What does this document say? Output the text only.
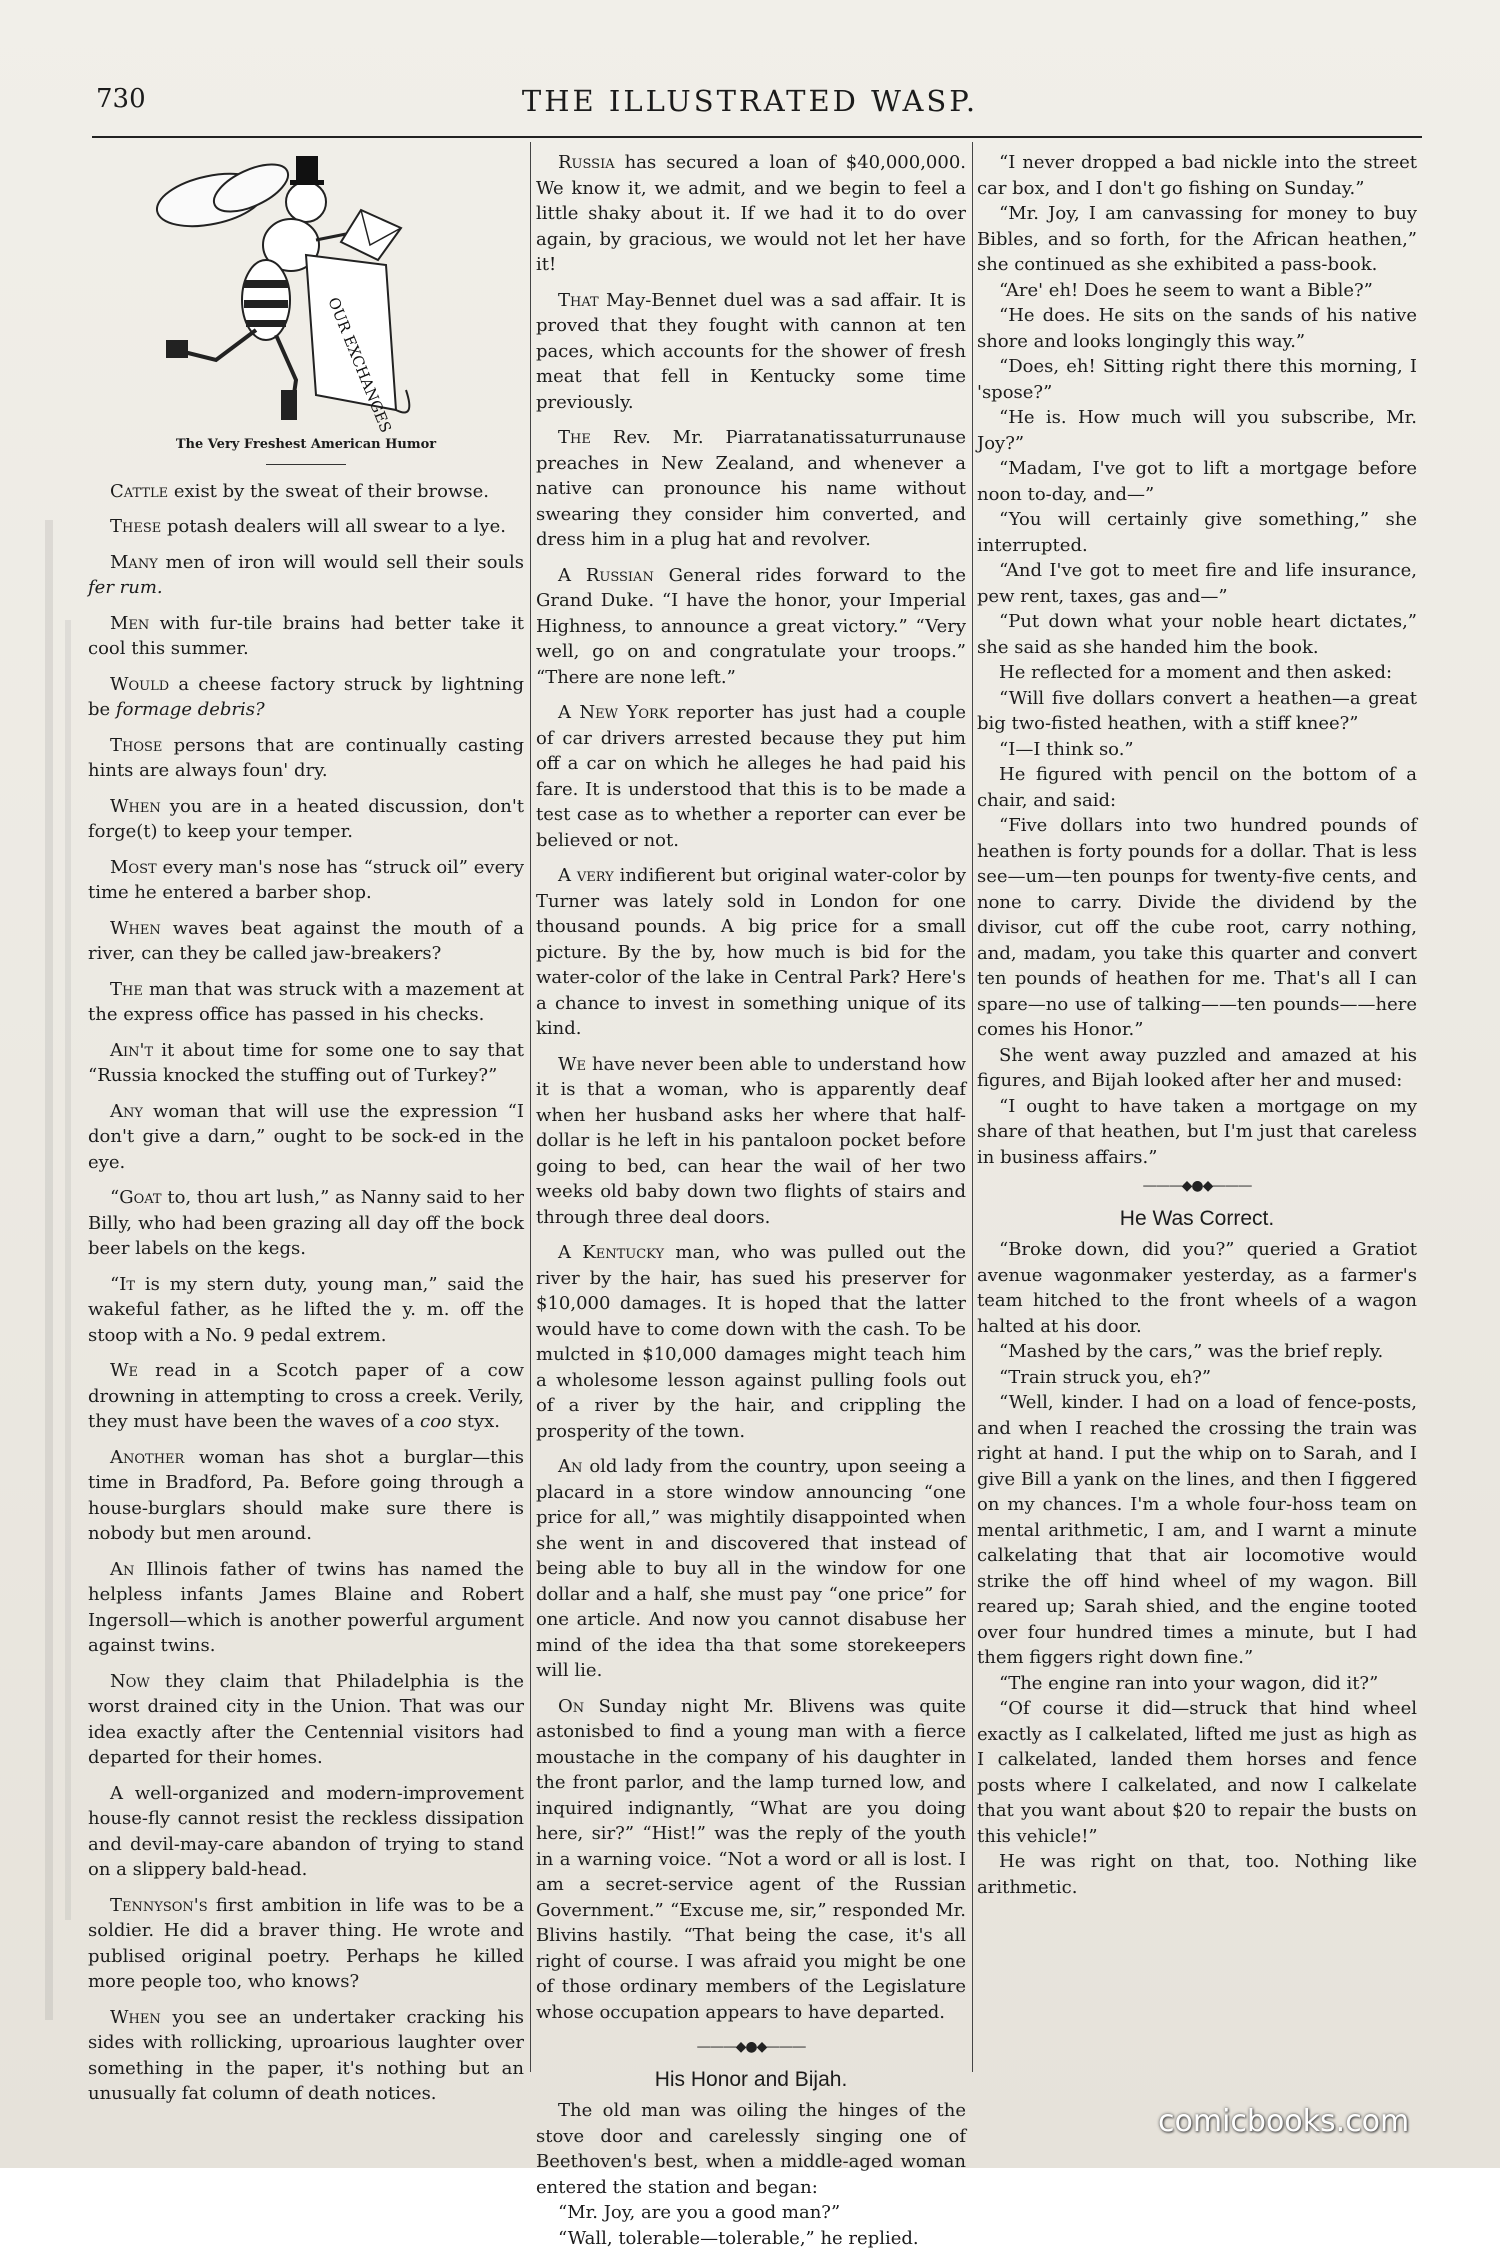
730	THE ILLUSTRATED WASP.
OUR EXCHANGES
The Very Freshest American Humor

Cattle exist by the sweat of their browse.

These potash dealers will all swear to a lye.

Many men of iron will would sell their souls fer rum.

Men with fur-tile brains had better take it cool this summer.

Would a cheese factory struck by lightning be formage debris?

Those persons that are continually casting hints are always foun' dry.

When you are in a heated discussion, don't forge(t) to keep your temper.

Most every man's nose has “struck oil” every time he entered a barber shop.

When waves beat against the mouth of a river, can they be called jaw-breakers?

The man that was struck with a mazement at the express office has passed in his checks.

Ain't it about time for some one to say that “Russia knocked the stuffing out of Turkey?”

Any woman that will use the expression “I don't give a darn,” ought to be sock-ed in the eye.

“Goat to, thou art lush,” as Nanny said to her Billy, who had been grazing all day off the bock beer labels on the kegs.

“It is my stern duty, young man,” said the wakeful father, as he lifted the y. m. off the stoop with a No. 9 pedal extrem.

We read in a Scotch paper of a cow drowning in attempting to cross a creek. Verily, they must have been the waves of a coo styx.

Another woman has shot a burglar—this time in Bradford, Pa. Before going through a house-burglars should make sure there is nobody but men around.

An Illinois father of twins has named the helpless infants James Blaine and Robert Ingersoll—which is another powerful argument against twins.

Now they claim that Philadelphia is the worst drained city in the Union. That was our idea exactly after the Centennial visitors had departed for their homes.

A well-organized and modern-improvement house-fly cannot resist the reckless dissipation and devil-may-care abandon of trying to stand on a slippery bald-head.

Tennyson's first ambition in life was to be a soldier. He did a braver thing. He wrote and publised original poetry. Perhaps he killed more people too, who knows?

When you see an undertaker cracking his sides with rollicking, uproarious laughter over something in the paper, it's nothing but an unusually fat column of death notices.

Russia has secured a loan of $40,000,000. We know it, we admit, and we begin to feel a little shaky about it. If we had it to do over again, by gracious, we would not let her have it!

That May-Bennet duel was a sad affair. It is proved that they fought with cannon at ten paces, which accounts for the shower of fresh meat that fell in Kentucky some time previously.

The Rev. Mr. Piarratanatissaturrunause preaches in New Zealand, and whenever a native can pronounce his name without swearing they consider him converted, and dress him in a plug hat and revolver.

A Russian General rides forward to the Grand Duke. “I have the honor, your Imperial Highness, to announce a great victory.” “Very well, go on and congratulate your troops.” “There are none left.”

A New York reporter has just had a couple of car drivers arrested because they put him off a car on which he alleges he had paid his fare. It is understood that this is to be made a test case as to whether a reporter can ever be believed or not.

A very indifierent but original water-color by Turner was lately sold in London for one thousand pounds. A big price for a small picture. By the by, how much is bid for the water-color of the lake in Central Park? Here's a chance to invest in something unique of its kind.

We have never been able to understand how it is that a woman, who is apparently deaf when her husband asks her where that half-dollar is he left in his pantaloon pocket before going to bed, can hear the wail of her two weeks old baby down two flights of stairs and through three deal doors.

A Kentucky man, who was pulled out the river by the hair, has sued his preserver for $10,000 damages. It is hoped that the latter would have to come down with the cash. To be mulcted in $10,000 damages might teach him a wholesome lesson against pulling fools out of a river by the hair, and crippling the prosperity of the town.

An old lady from the country, upon seeing a placard in a store window announcing “one price for all,” was mightily disappointed when she went in and discovered that instead of being able to buy all in the window for one dollar and a half, she must pay “one price” for one article. And now you cannot disabuse her mind of the idea tha that some storekeepers will lie.

On Sunday night Mr. Blivens was quite astonisbed to find a young man with a fierce moustache in the company of his daughter in the front parlor, and the lamp turned low, and inquired indignantly, “What are you doing here, sir?” “Hist!” was the reply of the youth in a warning voice. “Not a word or all is lost. I am a secret-service agent of the Russian Government.” “Excuse me, sir,” responded Mr. Blivins hastily. “That being the case, it's all right of course. I was afraid you might be one of those ordinary members of the Legislature whose occupation appears to have departed.

———◆●◆———
His Honor and Bijah.

The old man was oiling the hinges of the stove door and carelessly singing one of Beethoven's best, when a middle-aged woman entered the station and began:

“Mr. Joy, are you a good man?”

“Wall, tolerable—tolerable,” he replied.

“I never dropped a bad nickle into the street car box, and I don't go fishing on Sunday.”

“Mr. Joy, I am canvassing for money to buy Bibles, and so forth, for the African heathen,” she continued as she exhibited a pass-book.

“Are' eh! Does he seem to want a Bible?”

“He does. He sits on the sands of his native shore and looks longingly this way.”

“Does, eh! Sitting right there this morning, I 'spose?”

“He is. How much will you subscribe, Mr. Joy?”

“Madam, I've got to lift a mortgage before noon to-day, and—”

“You will certainly give something,” she interrupted.

“And I've got to meet fire and life insurance, pew rent, taxes, gas and—”

“Put down what your noble heart dictates,” she said as she handed him the book.

He reflected for a moment and then asked:

“Will five dollars convert a heathen—a great big two-fisted heathen, with a stiff knee?”

“I—I think so.”

He figured with pencil on the bottom of a chair, and said:

“Five dollars into two hundred pounds of heathen is forty pounds for a dollar. That is less see—um—ten pounps for twenty-five cents, and none to carry. Divide the dividend by the divisor, cut off the cube root, carry nothing, and, madam, you take this quarter and convert ten pounds of heathen for me. That's all I can spare—no use of talking——ten pounds——here comes his Honor.”

She went away puzzled and amazed at his figures, and Bijah looked after her and mused:

“I ought to have taken a mortgage on my share of that heathen, but I'm just that careless in business affairs.”

———◆●◆———
He Was Correct.

“Broke down, did you?” queried a Gratiot avenue wagonmaker yesterday, as a farmer's team hitched to the front wheels of a wagon halted at his door.

“Mashed by the cars,” was the brief reply.

“Train struck you, eh?”

“Well, kinder. I had on a load of fence-posts, and when I reached the crossing the train was right at hand. I put the whip on to Sarah, and I give Bill a yank on the lines, and then I figgered on my chances. I'm a whole four-hoss team on mental arithmetic, I am, and I warnt a minute calkelating that that air locomotive would strike the off hind wheel of my wagon. Bill reared up; Sarah shied, and the engine tooted over four hundred times a minute, but I had them figgers right down fine.”

“The engine ran into your wagon, did it?”

“Of course it did—struck that hind wheel exactly as I calkelated, lifted me just as high as I calkelated, landed them horses and fence posts where I calkelated, and now I calkelate that you want about $20 to repair the busts on this vehicle!”

He was right on that, too. Nothing like arithmetic.

comicbooks.com
